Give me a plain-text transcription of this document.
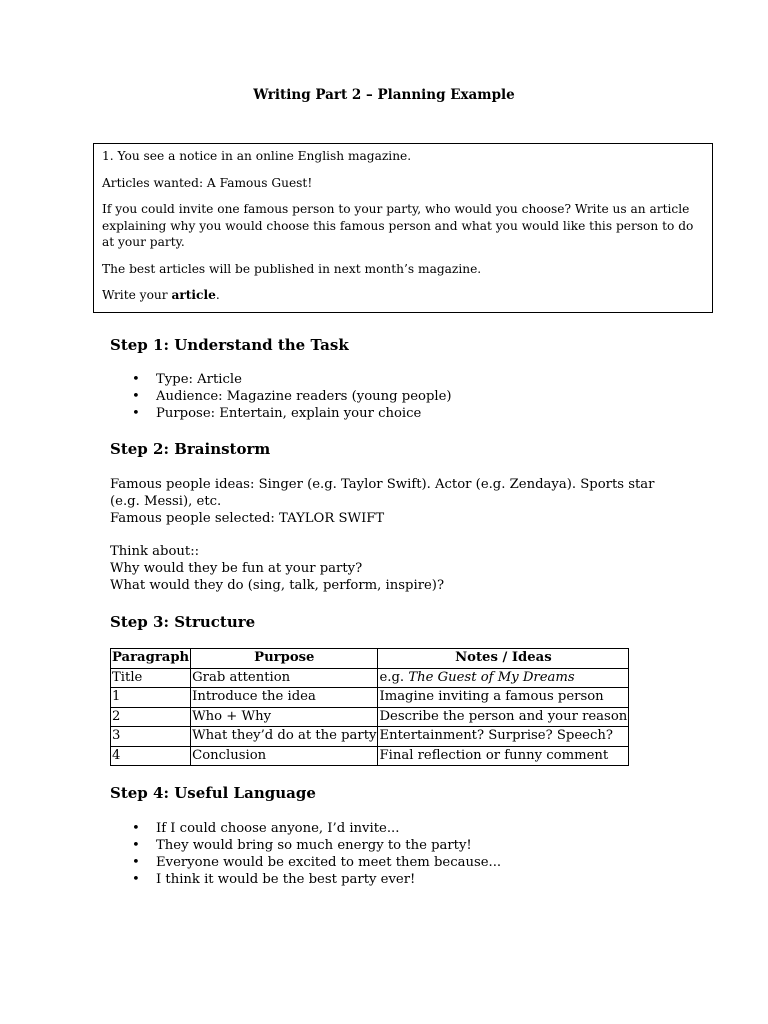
Writing Part 2 – Planning Example

1. You see a notice in an online English magazine.

Articles wanted: A Famous Guest!

If you could invite one famous person to your party, who would you choose? Write us an article explaining why you would choose this famous person and what you would like this person to do at your party.

The best articles will be published in next month’s magazine.

Write your article.

Step 1: Understand the Task
• Type: Article
• Audience: Magazine readers (young people)
• Purpose: Entertain, explain your choice
Step 2: Brainstorm
Famous people ideas: Singer (e.g. Taylor Swift). Actor (e.g. Zendaya). Sports star
(e.g. Messi), etc.
Famous people selected: TAYLOR SWIFT
Think about::
Why would they be fun at your party?
What would they do (sing, talk, perform, inspire)?
Step 3: Structure
Paragraph	Purpose	Notes / Ideas
Title	Grab attention	e.g. The Guest of My Dreams
1	Introduce the idea	Imagine inviting a famous person
2	Who + Why	Describe the person and your reason
3	What they’d do at the party	Entertainment? Surprise? Speech?
4	Conclusion	Final reflection or funny comment
Step 4: Useful Language
• If I could choose anyone, I’d invite...
• They would bring so much energy to the party!
• Everyone would be excited to meet them because...
• I think it would be the best party ever!
